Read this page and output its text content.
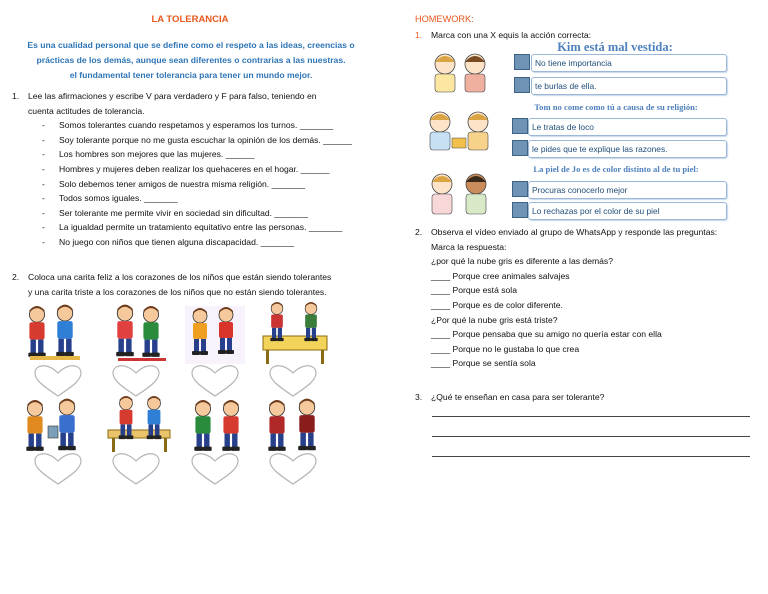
LA TOLERANCIA
Es una cualidad personal que se define como el respeto a las ideas, creencias o
prácticas de los demás, aunque sean diferentes o contrarias a las nuestras.
el fundamental tener tolerancia para tener un mundo mejor.
1. Lee las afirmaciones y escribe V para verdadero y F para falso, teniendo en
cuenta actitudes de tolerancia.
- Somos tolerantes cuando respetamos y esperamos los turnos. _______
- Soy tolerante porque no me gusta escuchar la opinión de los demás. ______
- Los hombres son mejores que las mujeres. ______
- Hombres y mujeres deben realizar los quehaceres en el hogar. ______
- Solo debemos tener amigos de nuestra misma religión. _______
- Todos somos iguales. _______
- Ser tolerante me permite vivir en sociedad sin dificultad. _______
- La igualdad permite un tratamiento equitativo entre las personas. _______
- No juego con niños que tienen alguna discapacidad. _______
2. Coloca una carita feliz a los corazones de los niños que están siendo tolerantes
y una carita triste a los corazones de los niños que no están siendo tolerantes.
HOMEWORK:
1. Marca con una X equis la acción correcta:
Kim está mal vestida:
No tiene importancia
te burlas de ella.
Tom no come como tú a causa de su religión:
Le tratas de loco
le pides que te explique las razones.
La piel de Jo es de color distinto al de tu piel:
Procuras conocerlo mejor
Lo rechazas por el color de su piel
2. Observa el vídeo enviado al grupo de WhatsApp y responde las preguntas:
Marca la respuesta:
¿por qué la nube gris es diferente a las demás?
____ Porque cree animales salvajes
____ Porque está sola
____ Porque es de color diferente.
¿Por qué la nube gris está triste?
____ Porque pensaba que su amigo no quería estar con ella
____ Porque no le gustaba lo que crea
____ Porque se sentía sola
3. ¿Qué te enseñan en casa para ser tolerante?
